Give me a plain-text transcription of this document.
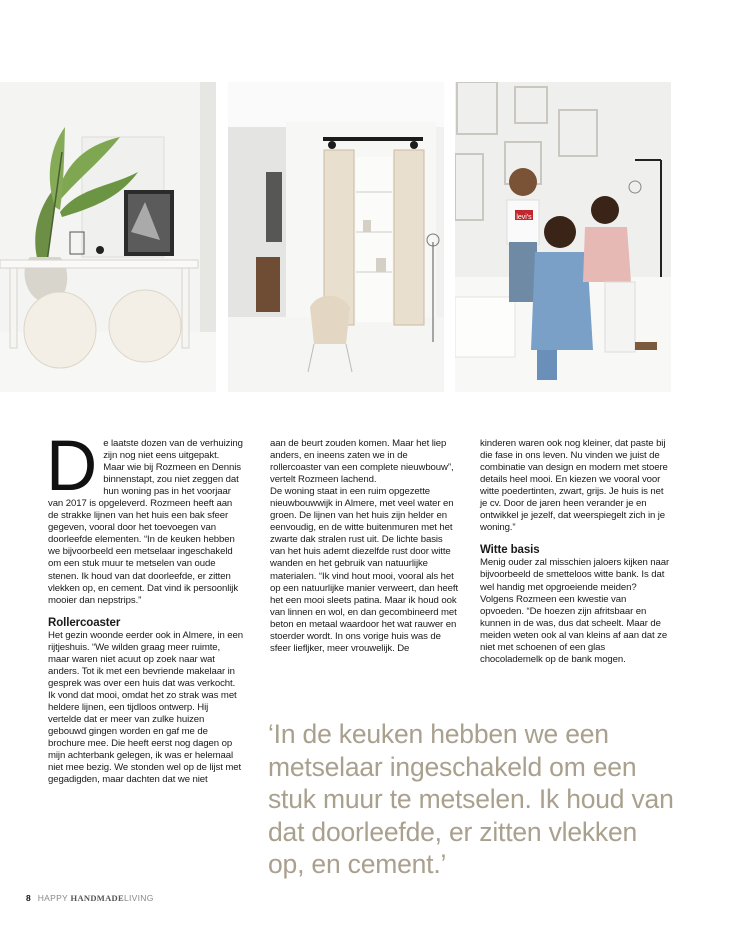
levi's
D e laatste dozen van de verhuizing zijn nog niet eens uitgepakt. Maar wie bij Rozmeen en Dennis binnenstapt, zou niet zeggen dat hun woning pas in het voorjaar van 2017 is opgeleverd. Rozmeen heeft aan de strakke lijnen van het huis een bak sfeer gegeven, vooral door het toevoegen van doorleefde elementen. “In de keuken hebben we bijvoorbeeld een metselaar ingeschakeld om een stuk muur te metselen van oude stenen. Ik houd van dat doorleefde, er zitten vlekken op, en cement. Dat vind ik persoonlijk mooier dan nepstrips.”

Rollercoaster

Het gezin woonde eerder ook in Almere, in een rijtjeshuis. “We wilden graag meer ruimte, maar waren niet acuut op zoek naar wat anders. Tot ik met een bevriende makelaar in gesprek was over een huis dat was verkocht. Ik vond dat mooi, omdat het zo strak was met heldere lijnen, een tijdloos ontwerp. Hij vertelde dat er meer van zulke huizen gebouwd gingen worden en gaf me de brochure mee. Die heeft eerst nog dagen op mijn achterbank gelegen, ik was er helemaal niet mee bezig. We stonden wel op de lijst met gegadigden, maar dachten dat we niet

aan de beurt zouden komen. Maar het liep anders, en ineens zaten we in de rollercoaster van een complete nieuwbouw”, vertelt Rozmeen lachend.

De woning staat in een ruim opgezette nieuwbouwwijk in Almere, met veel water en groen. De lijnen van het huis zijn helder en eenvoudig, en de witte buitenmuren met het zwarte dak stralen rust uit. De lichte basis van het huis ademt diezelfde rust door witte wanden en het gebruik van natuurlijke materialen. “Ik vind hout mooi, vooral als het op een natuurlijke manier verweert, dan heeft het een mooi sleets patina. Maar ik houd ook van linnen en wol, en dan gecombineerd met beton en metaal waardoor het wat rauwer en stoerder wordt. In ons vorige huis was de sfeer liefljker, meer vrouwelijk. De

kinderen waren ook nog kleiner, dat paste bij die fase in ons leven. Nu vinden we juist de combinatie van design en modern met stoere details heel mooi. En kiezen we vooral voor witte poedertinten, zwart, grijs. Je huis is net je cv. Door de jaren heen verander je en ontwikkel je jezelf, dat weerspiegelt zich in je woning.”

Witte basis

Menig ouder zal misschien jaloers kijken naar bijvoorbeeld de smetteloos witte bank. Is dat wel handig met opgroeiende meiden? Volgens Rozmeen een kwestie van opvoeden. “De hoezen zijn afritsbaar en kunnen in de was, dus dat scheelt. Maar de meiden weten ook al van kleins af aan dat ze niet met schoenen of een glas chocolademelk op de bank mogen.

‘In de keuken hebben we een metselaar ingeschakeld om een stuk muur te metselen. Ik houd van dat doorleefde, er zitten vlekken op, en cement.’
8 HAPPY HANDMADELIVING
